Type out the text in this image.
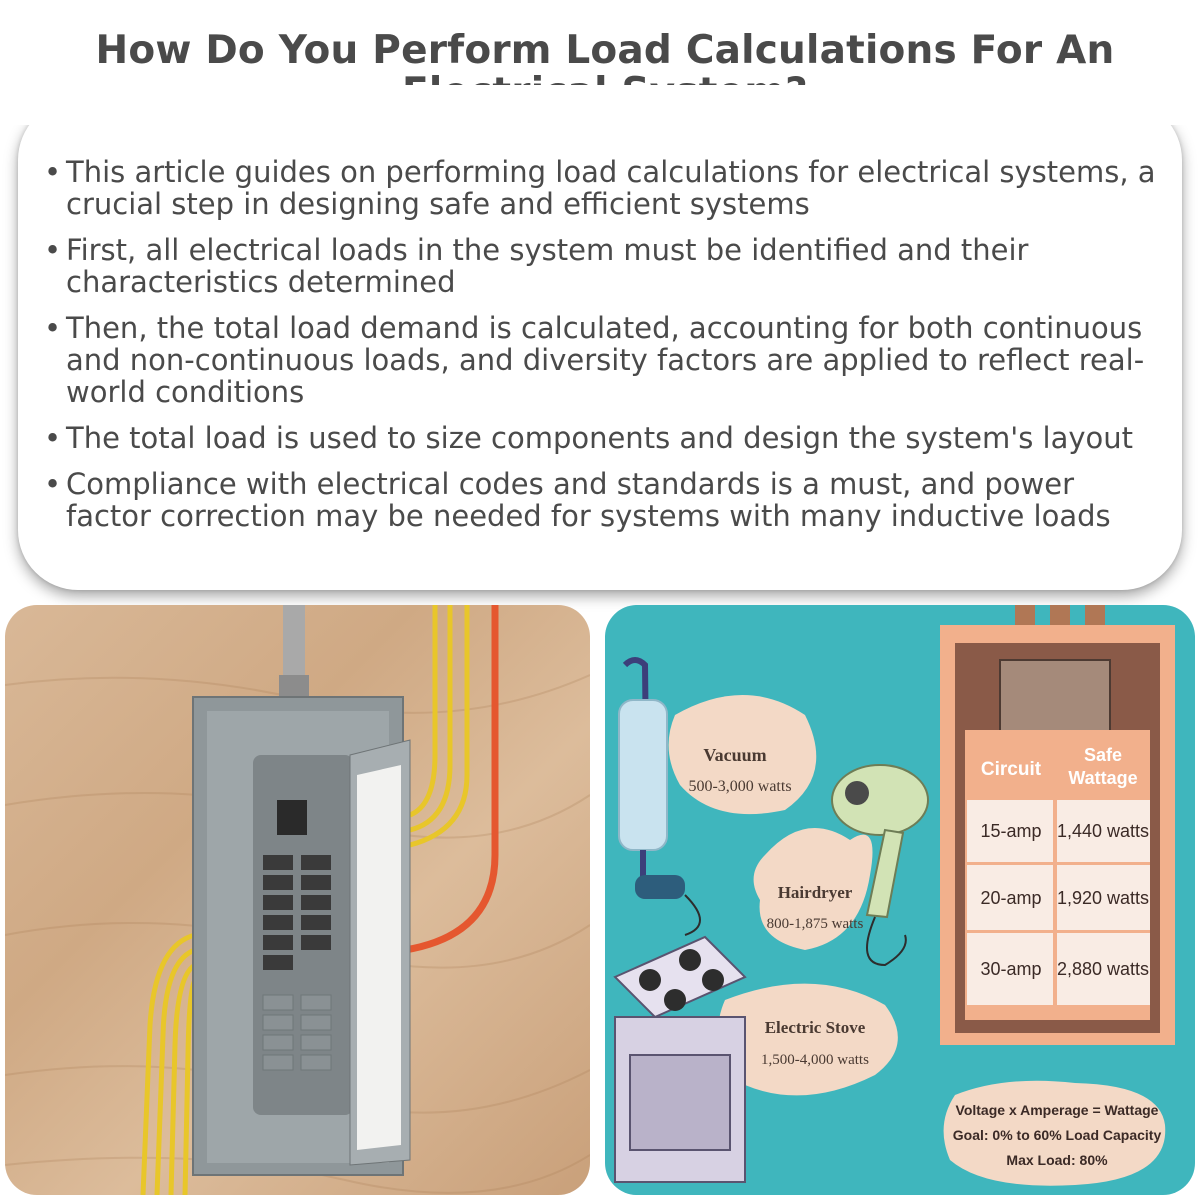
How Do You Perform Load Calculations For An
• This article guides on performing load calculations for electrical systems, a crucial step in designing safe and efficient systems
• First, all electrical loads in the system must be identified and their characteristics determined
• Then, the total load demand is calculated, accounting for both continuous and non-continuous loads, and diversity factors are applied to reflect real-world conditions
• The total load is used to size components and design the system's layout
• Compliance with electrical codes and standards is a must, and power factor correction may be needed for systems with many inductive loads
Vacuum
500-3,000 watts
Hairdryer
800-1,875 watts
Electric Stove
1,500-4,000 watts
Circuit
Safe
Wattage
15-amp 1,440 watts
20-amp 1,920 watts
30-amp 2,880 watts
Voltage x Amperage = Wattage
Goal: 0% to 60% Load Capacity
Max Load: 80%
